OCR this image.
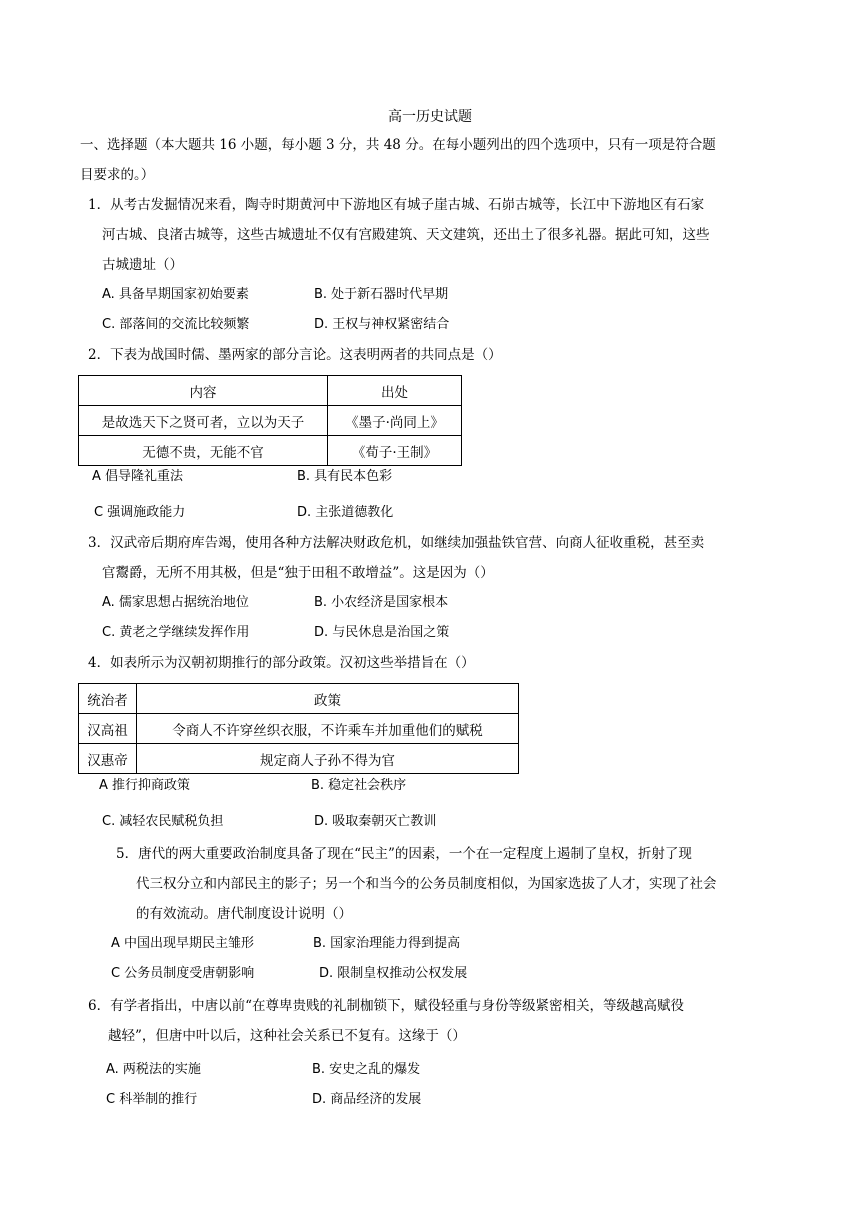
高一历史试题
一、选择题（本大题共 16 小题，每小题 3 分，共 48 分。在每小题列出的四个选项中，只有一项是符合题
目要求的。）
1．从考古发掘情况来看，陶寺时期黄河中下游地区有城子崖古城、石峁古城等，长江中下游地区有石家
河古城、良渚古城等，这些古城遗址不仅有宫殿建筑、天文建筑，还出土了很多礼器。据此可知，这些
古城遗址（）
A. 具备早期国家初始要素	B. 处于新石器时代早期
C. 部落间的交流比较频繁	D. 王权与神权紧密结合
2．下表为战国时儒、墨两家的部分言论。这表明两者的共同点是（）
内容	出处
是故选天下之贤可者，立以为天子	《墨子·尚同上》
无德不贵，无能不官	《荀子·王制》
A 倡导隆礼重法	B. 具有民本色彩
C 强调施政能力	D. 主张道德教化
3．汉武帝后期府库告竭，使用各种方法解决财政危机，如继续加强盐铁官营、向商人征收重税，甚至卖
官鬻爵，无所不用其极，但是“独于田租不敢增益”。这是因为（）
A. 儒家思想占据统治地位	B. 小农经济是国家根本
C. 黄老之学继续发挥作用	D. 与民休息是治国之策
4．如表所示为汉朝初期推行的部分政策。汉初这些举措旨在（）
统治者	政策
汉高祖	令商人不许穿丝织衣服，不许乘车并加重他们的赋税
汉惠帝	规定商人子孙不得为官
A 推行抑商政策	B. 稳定社会秩序
C. 减轻农民赋税负担	D. 吸取秦朝灭亡教训
5．唐代的两大重要政治制度具备了现在“民主”的因素，一个在一定程度上遏制了皇权，折射了现
代三权分立和内部民主的影子；另一个和当今的公务员制度相似，为国家选拔了人才，实现了社会
的有效流动。唐代制度设计说明（）
A 中国出现早期民主雏形	B. 国家治理能力得到提高
C 公务员制度受唐朝影响	D. 限制皇权推动公权发展
6．有学者指出，中唐以前“在尊卑贵贱的礼制枷锁下，赋役轻重与身份等级紧密相关，等级越高赋役
越轻”，但唐中叶以后，这种社会关系已不复有。这缘于（）
A. 两税法的实施	B. 安史之乱的爆发
C 科举制的推行	D. 商品经济的发展
